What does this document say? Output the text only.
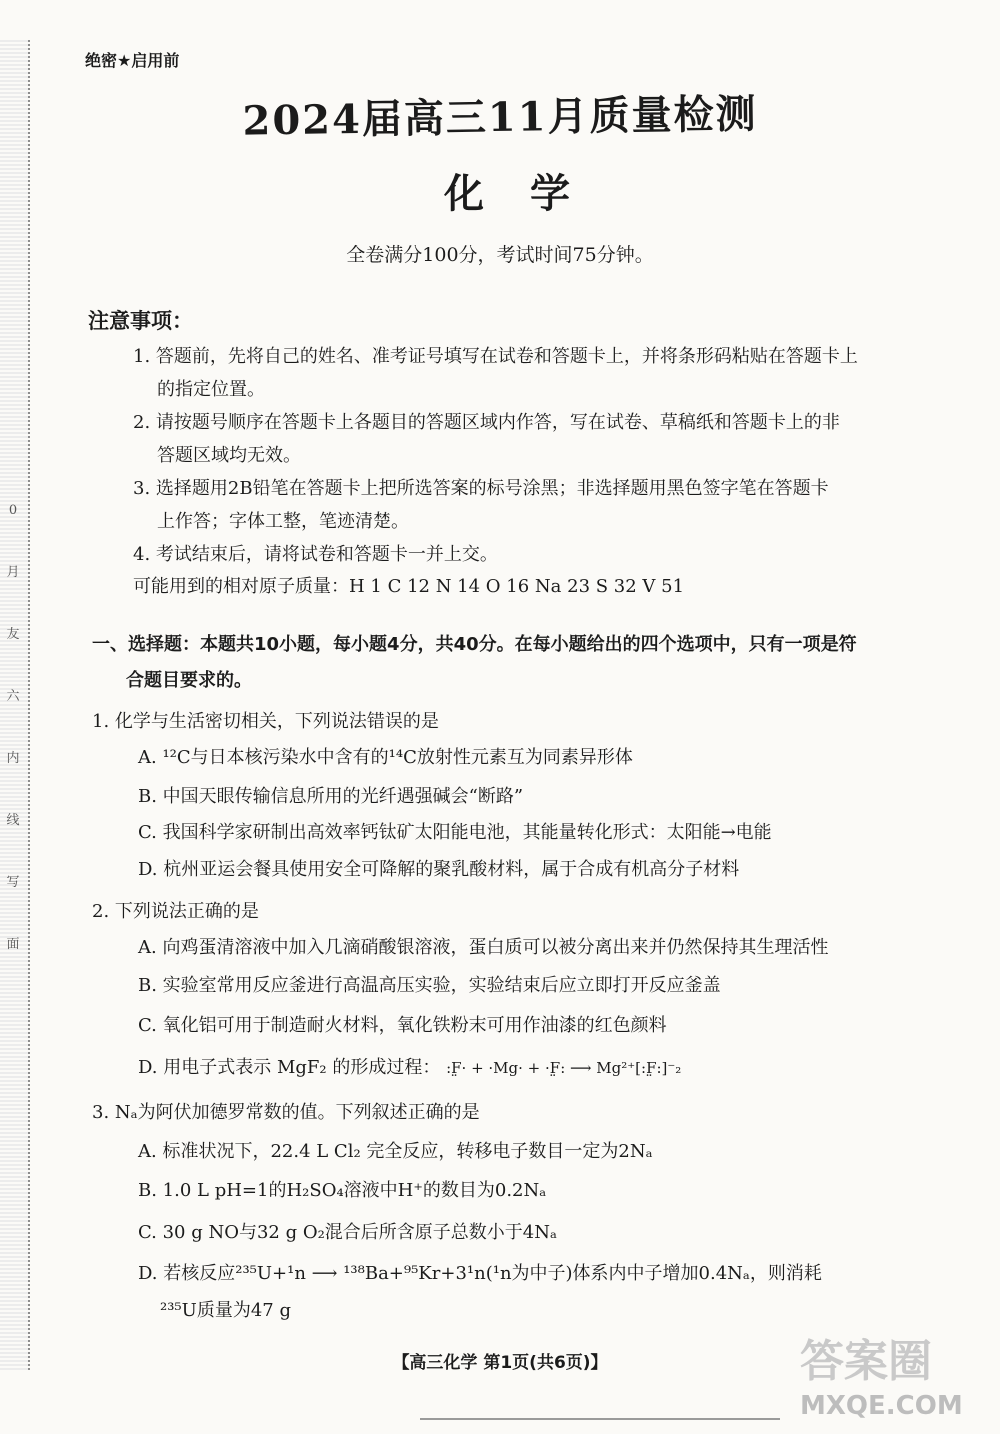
0
月
友
六
内
线
写
面
绝密★启用前
2024届高三11月质量检测
化学
全卷满分100分，考试时间75分钟。
注意事项：
1. 答题前，先将自己的姓名、准考证号填写在试卷和答题卡上，并将条形码粘贴在答题卡上
的指定位置。
2. 请按题号顺序在答题卡上各题目的答题区域内作答，写在试卷、草稿纸和答题卡上的非
答题区域均无效。
3. 选择题用2B铅笔在答题卡上把所选答案的标号涂黑；非选择题用黑色签字笔在答题卡
上作答；字体工整，笔迹清楚。
4. 考试结束后，请将试卷和答题卡一并上交。
可能用到的相对原子质量：H 1 C 12 N 14 O 16 Na 23 S 32 V 51
一、选择题：本题共10小题，每小题4分，共40分。在每小题给出的四个选项中，只有一项是符
合题目要求的。
1. 化学与生活密切相关，下列说法错误的是
A. ¹²C与日本核污染水中含有的¹⁴C放射性元素互为同素异形体
B. 中国天眼传输信息所用的光纤遇强碱会“断路”
C. 我国科学家研制出高效率钙钛矿太阳能电池，其能量转化形式：太阳能→电能
D. 杭州亚运会餐具使用安全可降解的聚乳酸材料，属于合成有机高分子材料
2. 下列说法正确的是
A. 向鸡蛋清溶液中加入几滴硝酸银溶液，蛋白质可以被分离出来并仍然保持其生理活性
B. 实验室常用反应釜进行高温高压实验，实验结束后应立即打开反应釜盖
C. 氧化铝可用于制造耐火材料，氧化铁粉末可用作油漆的红色颜料
D. 用电子式表示 MgF₂ 的形成过程： :F̤· + ·Mg· + ·F̤: ⟶ Mg²⁺[:F̤:]⁻₂
3. Nₐ为阿伏加德罗常数的值。下列叙述正确的是
A. 标准状况下，22.4 L Cl₂ 完全反应，转移电子数目一定为2Nₐ
B. 1.0 L pH=1的H₂SO₄溶液中H⁺的数目为0.2Nₐ
C. 30 g NO与32 g O₂混合后所含原子总数小于4Nₐ
D. 若核反应²³⁵U+¹n ⟶ ¹³⁸Ba+⁹⁵Kr+3¹n(¹n为中子)体系内中子增加0.4Nₐ，则消耗
²³⁵U质量为47 g
【高三化学 第1页(共6页)】	答案圈
MXQE.COM
